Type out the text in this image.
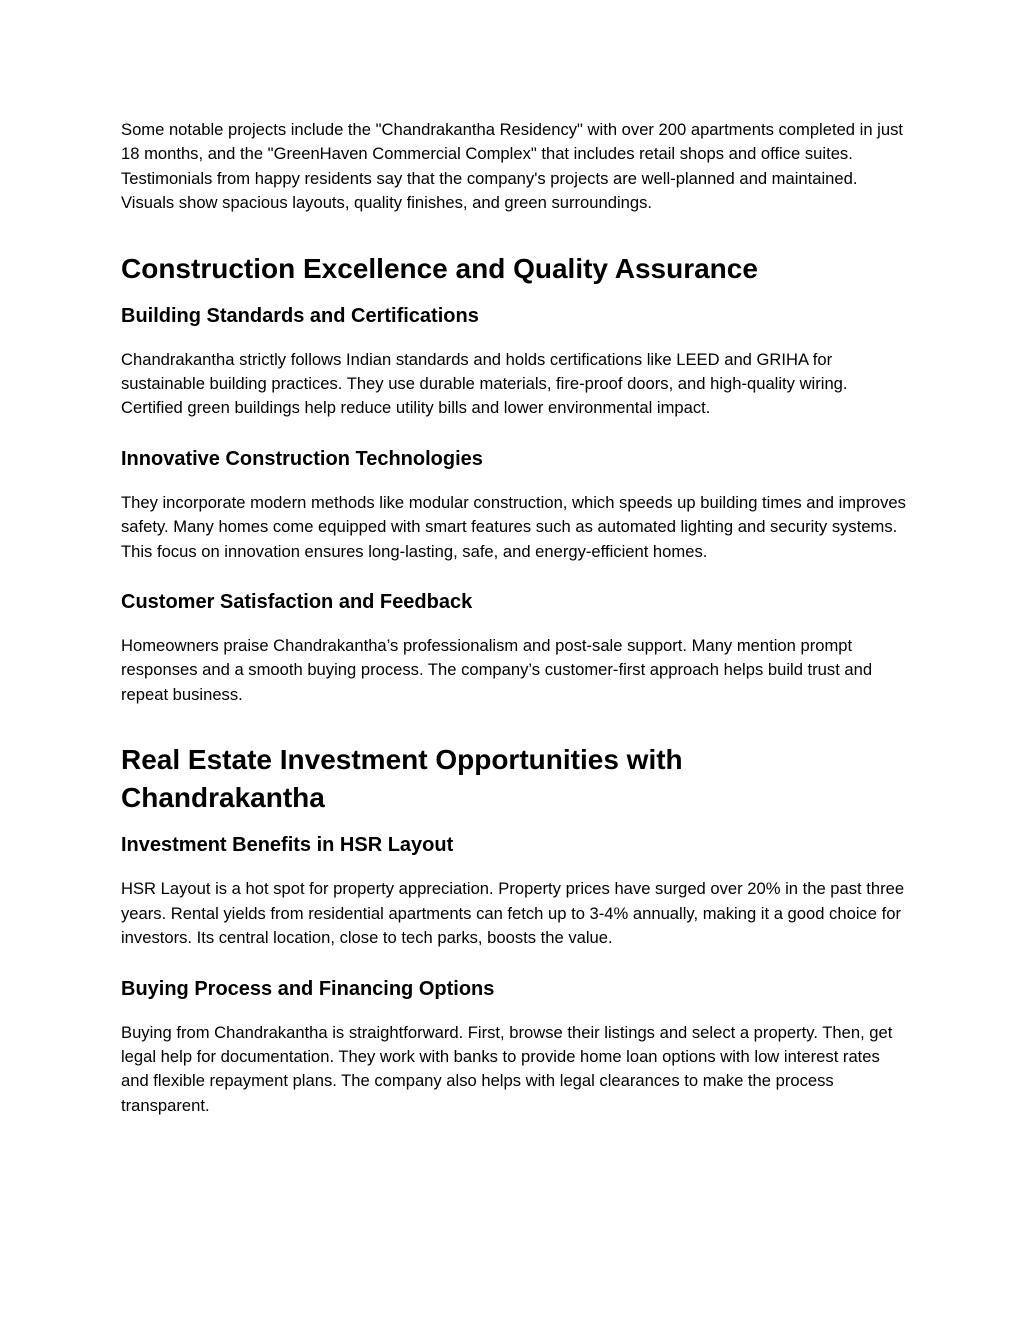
Some notable projects include the "Chandrakantha Residency" with over 200 apartments completed in just 18 months, and the "GreenHaven Commercial Complex" that includes retail shops and office suites. Testimonials from happy residents say that the company's projects are well-planned and maintained. Visuals show spacious layouts, quality finishes, and green surroundings.

Construction Excellence and Quality Assurance
Building Standards and Certifications

Chandrakantha strictly follows Indian standards and holds certifications like LEED and GRIHA for sustainable building practices. They use durable materials, fire-proof doors, and high-quality wiring. Certified green buildings help reduce utility bills and lower environmental impact.

Innovative Construction Technologies

They incorporate modern methods like modular construction, which speeds up building times and improves safety. Many homes come equipped with smart features such as automated lighting and security systems. This focus on innovation ensures long-lasting, safe, and energy-efficient homes.

Customer Satisfaction and Feedback

Homeowners praise Chandrakantha’s professionalism and post-sale support. Many mention prompt responses and a smooth buying process. The company’s customer-first approach helps build trust and repeat business.

Real Estate Investment Opportunities with Chandrakantha
Investment Benefits in HSR Layout

HSR Layout is a hot spot for property appreciation. Property prices have surged over 20% in the past three years. Rental yields from residential apartments can fetch up to 3-4% annually, making it a good choice for investors. Its central location, close to tech parks, boosts the value.

Buying Process and Financing Options

Buying from Chandrakantha is straightforward. First, browse their listings and select a property. Then, get legal help for documentation. They work with banks to provide home loan options with low interest rates and flexible repayment plans. The company also helps with legal clearances to make the process transparent.
